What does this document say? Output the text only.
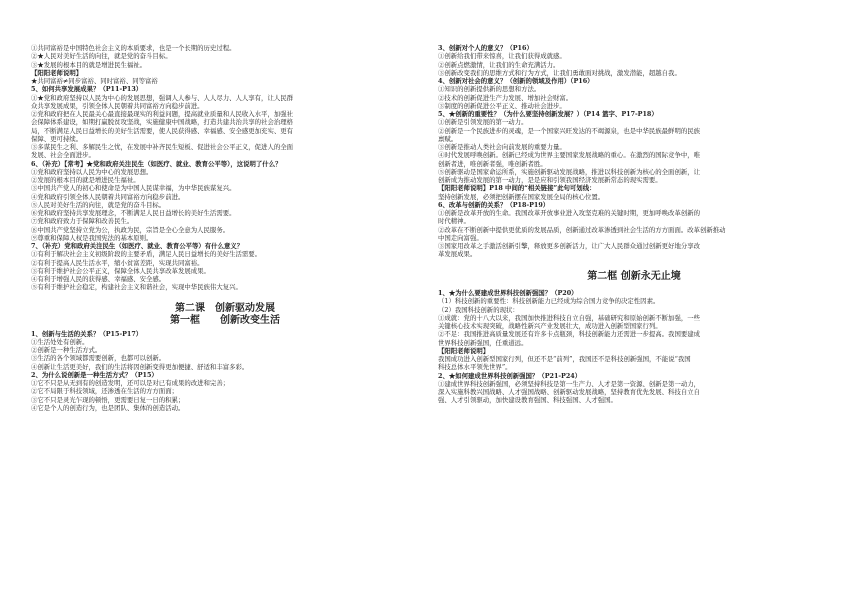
①共同富裕是中国特色社会主义的本质要求，也是一个长期的历史过程。

②★人民对美好生活的向往，就是党的奋斗目标。

③★发展的根本目的就是增进民生福祉。

【阳阳老师说明】

★共同富裕≠同步富裕、同时富裕、同等富裕

5、如何共享发展成果？（P11-P13）

①★党和政府坚持以人民为中心的发展思想，强调人人参与、人人尽力、人人享有，让人民群

众共享发展成果，引领全体人民朝着共同富裕方向稳步前进。

②党和政府把在人民最关心最直接最现实的利益问题，提高就业质量和人民收入水平，加强社

会保障体系建设，如期打赢脱贫攻坚战，实施健康中国战略，打造共建共治共享的社会治理格

局，不断满足人民日益增长的美好生活需要，使人民获得感、幸福感、安全感更加充实、更有

保障、更可持续。

③多谋民生之利、多解民生之忧，在发展中补齐民生短板、促进社会公平正义，促进人的全面

发展、社会全面进步。

6、（补充）【常考】★党和政府关注民生（如医疗、就业、教育公平等），这说明了什么？

①党和政府坚持以人民为中心的发展思想。

②发展的根本目的就是增进民生福祉。

③中国共产党人的初心和使命是为中国人民谋幸福，为中华民族谋复兴。

④党和政府引领全体人民朝着共同富裕方向稳步前进。

⑤人民对美好生活的向往，就是党的奋斗目标。

⑥党和政府坚持共享发展理念，不断满足人民日益增长的美好生活需要。

⑦党和政府致力于保障和改善民生。

⑧中国共产党坚持立党为公，执政为民，宗旨是全心全意为人民服务。

⑨尊重和保障人权是我国宪法的基本原则。

7、（补充）党和政府关注民生（如医疗、就业、教育公平等）有什么意义？

①有利于解决社会主义初级阶段的主要矛盾，满足人民日益增长的美好生活需要。

②有利于提高人民生活水平，缩小贫富差距，实现共同富裕。

③有利于维护社会公平正义，保障全体人民共享改革发展成果。

④有利于增强人民的获得感、幸福感、安全感。

⑤有利于维护社会稳定，构建社会主义和谐社会，实现中华民族伟大复兴。

第二课　创新驱动发展

第一框　　创新改变生活

1、创新与生活的关系？（P15-P17）

①生活处处有创新。

②创新是一种生活方式。

③生活的各个领域都需要创新，也都可以创新。

④创新让生活更美好，我们的生活将因创新变得更加便捷、舒适和丰富多彩。

2、为什么说创新是一种生活方式？（P15）

①它不只是从无到有的创造发明，还可以是对已有成果的改进和完善；

②它不局限于科技领域，还渗透在生活的方方面面；

③它不只是灵光乍现的顿悟，更需要日复一日的积累；

④它是个人的创造行为，也是团队、集体的创造活动。

3、创新对个人的意义？（P16）

①创新给我们带来惊喜，让我们获得成就感。

②创新点燃激情，让我们的生命充满活力。

③创新改变我们的思维方式和行为方式，让我们勇敢面对挑战，激发潜能，超越自我。

4、创新对社会的意义？（创新的领域及作用）（P16）

①知识的创新提供新的思想和方法。

②技术的创新促进生产力发展、增加社会财富。

③制度的创新促进公平正义、推动社会进步。

5、★创新的重要性？（为什么要坚持创新发展？）（P14 篮字、P17-P18）

①创新是引领发展的第一动力。

②创新是一个民族进步的灵魂，是一个国家兴旺发达的不竭源泉，也是中华民族最鲜明的民族

禀赋。

③创新是推动人类社会向前发展的重要力量。

④时代发展呼唤创新。创新已经成为世界主要国家发展战略的重心。在激烈的国际竞争中，唯

创新者进，唯创新者强，唯创新者胜。

⑤创新驱动是国家命运所系，实施创新驱动发展战略，推进以科技创新为核心的全面创新，让

创新成为推动发展的第一动力，是是应和引领我国经济发展新常态的现实需要。

【阳阳老师说明】P18 中间的“相关链接”此句可划线：

坚持创新发展，必须把创新摆在国家发展全局的核心位置。

6、改革与创新的关系？（P18-P19）

①创新是改革开放的生命。我国改革开放事业进入攻坚克难的关键时期，更加呼唤改革创新的

时代精神。

②改革在不断创新中提供更优质的发展品质，创新通过改革渗透到社会生活的方方面面。改革创新推动

中国走向富强。

③国家用改革之手激活创新引擎，释放更多创新活力，让广大人民群众通过创新更好地分享改

革发展成果。

第二框 创新永无止境

1、★为什么要建成世界科技创新强国？（P20）

（1）科技创新的重要性：科技创新能力已经成为综合国力竞争的决定性因素。

（2）我国科技创新的现状：

①成就：党的十八大以来，我国加快推进科技自立自强，基础研究和原始创新不断加强，一些

关键核心技术实现突破，战略性新兴产业发展壮大，成功进入创新型国家行列。

②不足：我国推进高质量发展还有许多卡点瓶颈，科技创新能力还需进一步提高。我国要建成

世界科技创新强国，任重道远。

【阳阳老师说明】

我国成功进入创新型国家行列，但还不是“前列”，我国还不是科技创新强国，不能说“我国

科技总体水平领先世界”。

2、★如何建成世界科技创新强国？（P21-P24）

①建成世界科技创新强国，必须坚持科技是第一生产力、人才是第一资源、创新是第一动力，

深入实施科教兴国战略、人才强国战略、创新驱动发展战略，坚持教育优先发展、科技自立自

强、人才引领驱动，加快建设教育强国、科技强国、人才强国。
